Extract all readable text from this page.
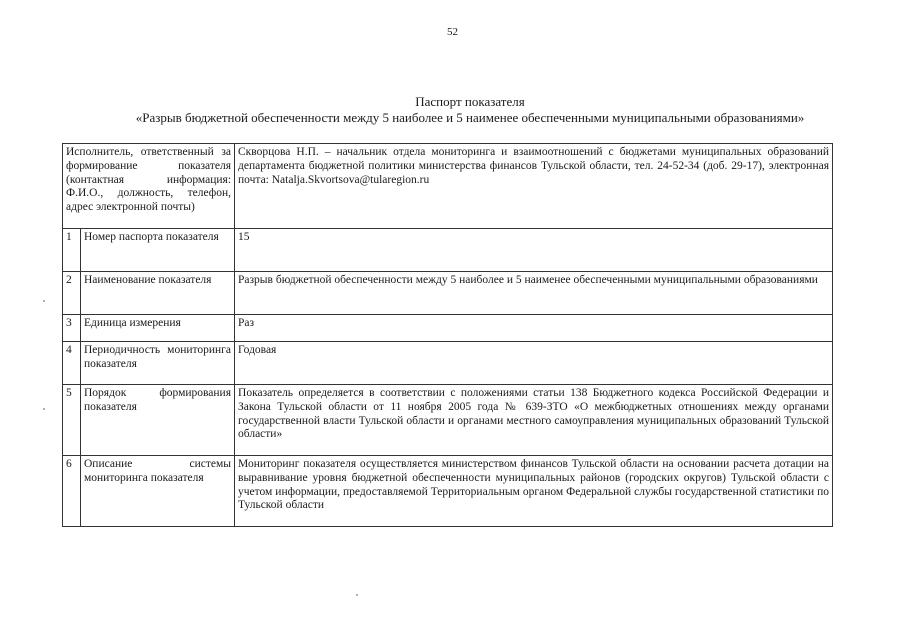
52
Паспорт показателя
«Разрыв бюджетной обеспеченности между 5 наиболее и 5 наименее обеспеченными муниципальными образованиями»
Исполнитель, ответственный за формирование показателя (контактная информация: Ф.И.О., должность, телефон, адрес электронной почты)		Скворцова Н.П. – начальник отдела мониторинга и взаимоотношений с бюджетами муниципальных образований департамента бюджетной политики министерства финансов Тульской области, тел. 24-52-34 (доб. 29-17), электронная почта: Natalja.Skvortsova@tularegion.ru
1	Номер паспорта показателя	15
2	Наименование показателя	Разрыв бюджетной обеспеченности между 5 наиболее и 5 наименее обеспеченными муниципальными образованиями
3	Единица измерения	Раз
4	Периодичность мониторинга показателя	Годовая
5	Порядок формирования показателя	Показатель определяется в соответствии с положениями статьи 138 Бюджетного кодекса Российской Федерации и Закона Тульской области от 11 ноября 2005 года № 639-ЗТО «О межбюджетных отношениях между органами государственной власти Тульской области и органами местного самоуправления муниципальных образований Тульской области»
6	Описание системы мониторинга показателя	Мониторинг показателя осуществляется министерством финансов Тульской области на основании расчета дотации на выравнивание уровня бюджетной обеспеченности муниципальных районов (городских округов) Тульской области с учетом информации, предоставляемой Территориальным органом Федеральной службы государственной статистики по Тульской области
